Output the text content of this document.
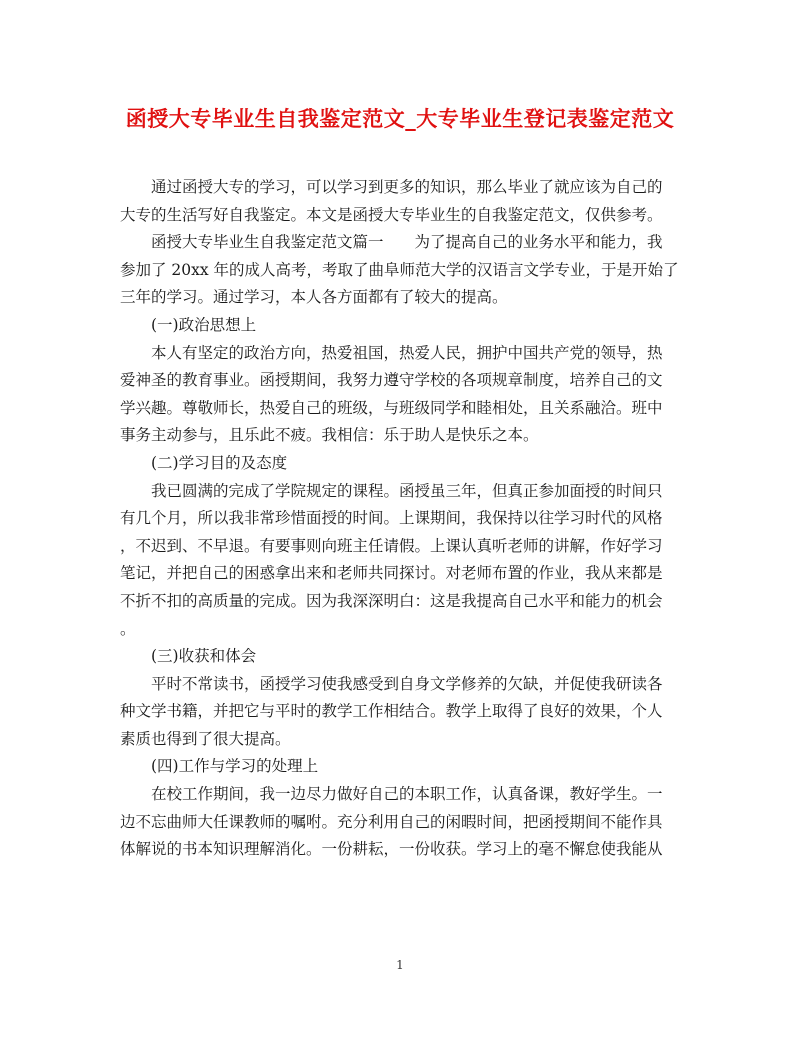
函授大专毕业生自我鉴定范文_大专毕业生登记表鉴定范文
通过函授大专的学习，可以学习到更多的知识，那么毕业了就应该为自己的
大专的生活写好自我鉴定。本文是函授大专毕业生的自我鉴定范文，仅供参考。
函授大专毕业生自我鉴定范文篇一　　为了提高自己的业务水平和能力，我
参加了 20xx 年的成人高考，考取了曲阜师范大学的汉语言文学专业，于是开始了
三年的学习。通过学习，本人各方面都有了较大的提高。
(一)政治思想上
本人有坚定的政治方向，热爱祖国，热爱人民，拥护中国共产党的领导，热
爱神圣的教育事业。函授期间，我努力遵守学校的各项规章制度，培养自己的文
学兴趣。尊敬师长，热爱自己的班级，与班级同学和睦相处，且关系融洽。班中
事务主动参与，且乐此不疲。我相信：乐于助人是快乐之本。
(二)学习目的及态度
我已圆满的完成了学院规定的课程。函授虽三年，但真正参加面授的时间只
有几个月，所以我非常珍惜面授的时间。上课期间，我保持以往学习时代的风格
，不迟到、不早退。有要事则向班主任请假。上课认真听老师的讲解，作好学习
笔记，并把自己的困惑拿出来和老师共同探讨。对老师布置的作业，我从来都是
不折不扣的高质量的完成。因为我深深明白：这是我提高自己水平和能力的机会
。
(三)收获和体会
平时不常读书，函授学习使我感受到自身文学修养的欠缺，并促使我研读各
种文学书籍，并把它与平时的教学工作相结合。教学上取得了良好的效果，个人
素质也得到了很大提高。
(四)工作与学习的处理上
在校工作期间，我一边尽力做好自己的本职工作，认真备课，教好学生。一
边不忘曲师大任课教师的嘱咐。充分利用自己的闲暇时间，把函授期间不能作具
体解说的书本知识理解消化。一份耕耘，一份收获。学习上的毫不懈怠使我能从
1
